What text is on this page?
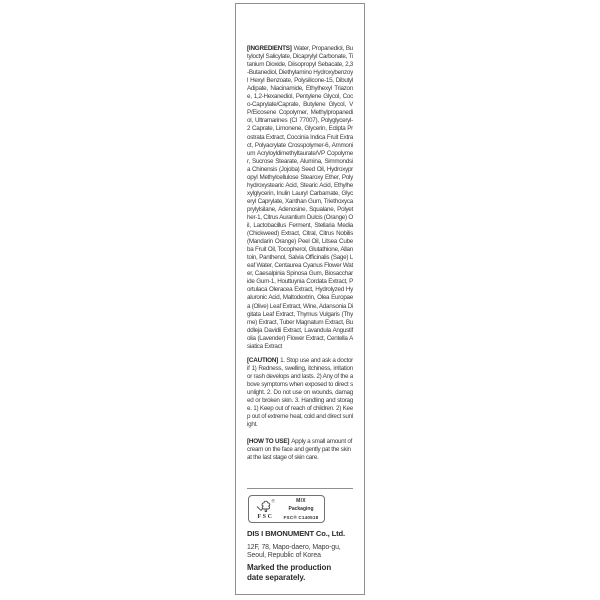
[INGREDIENTS] Water, Propanediol, Butyloctyl Salicylate, Dicaprylyl Carbonate, Titanium Dioxide, Diisopropyl Sebacate, 2,3-Butanediol, Diethylamino Hydroxybenzoyl Hexyl Benzoate, Polysilicone-15, Dibutyl Adipate, Niacinamide, Ethylhexyl Triazone, 1,2-Hexanediol, Pentylene Glycol, Coco-Caprylate/Caprate, Butylene Glycol, VP/Eicosene Copolymer, Methylpropanediol, Ultramarines (CI 77007), Polyglyceryl-2 Caprate, Limonene, Glycerin, Eclipta Prostrata Extract, Coccinia Indica Fruit Extract, Polyacrylate Crosspolymer-6, Ammonium Acryloyldimethyltaurate/VP Copolymer, Sucrose Stearate, Alumina, Simmondsia Chinensis (Jojoba) Seed Oil, Hydroxypropyl Methylcellulose Stearoxy Ether, Polyhydroxystearic Acid, Stearic Acid, Ethylhexylglycerin, Inulin Lauryl Carbamate, Glyceryl Caprylate, Xanthan Gum, Triethoxycaprylylsilane, Adenosine, Squalane, Polyether-1, Citrus Aurantium Dulcis (Orange) Oil, Lactobacillus Ferment, Stellaria Media (Chickweed) Extract, Citral, Citrus Nobilis (Mandarin Orange) Peel Oil, Litsea Cubeba Fruit Oil, Tocopherol, Glutathione, Allantoin, Panthenol, Salvia Officinalis (Sage) Leaf Water, Centaurea Cyanus Flower Water, Caesalpinia Spinosa Gum, Biosaccharide Gum-1, Houttuynia Cordata Extract, Portulaca Oleracea Extract, Hydrolyzed Hyaluronic Acid, Maltodextrin, Olea Europaea (Olive) Leaf Extract, Wine, Adansonia Digitata Leaf Extract, Thymus Vulgaris (Thyme) Extract, Tuber Magnatum Extract, Buddleja Davidii Extract, Lavandula Angustifolia (Lavender) Flower Extract, Centella Asiatica Extract

[CAUTION] 1. Stop use and ask a doctor if 1) Redness, swelling, itchiness, irritation or rash develops and lasts. 2) Any of the above symptoms when exposed to direct sunlight. 2. Do not use on wounds, damaged or broken skin. 3. Handling and storage. 1) Keep out of reach of children. 2) Keep out of extreme heat, cold and direct sunlight.

[HOW TO USE] Apply a small amount of cream on the face and gently pat the skin at the last stage of skin care.

®
FSC
MIX
Packaging
FSC® C140518
DIS I BMONUMENT Co., Ltd.
12F, 78, Mapo-daero, Mapo-gu,
Seoul, Republic of Korea
Marked the production date separately.
